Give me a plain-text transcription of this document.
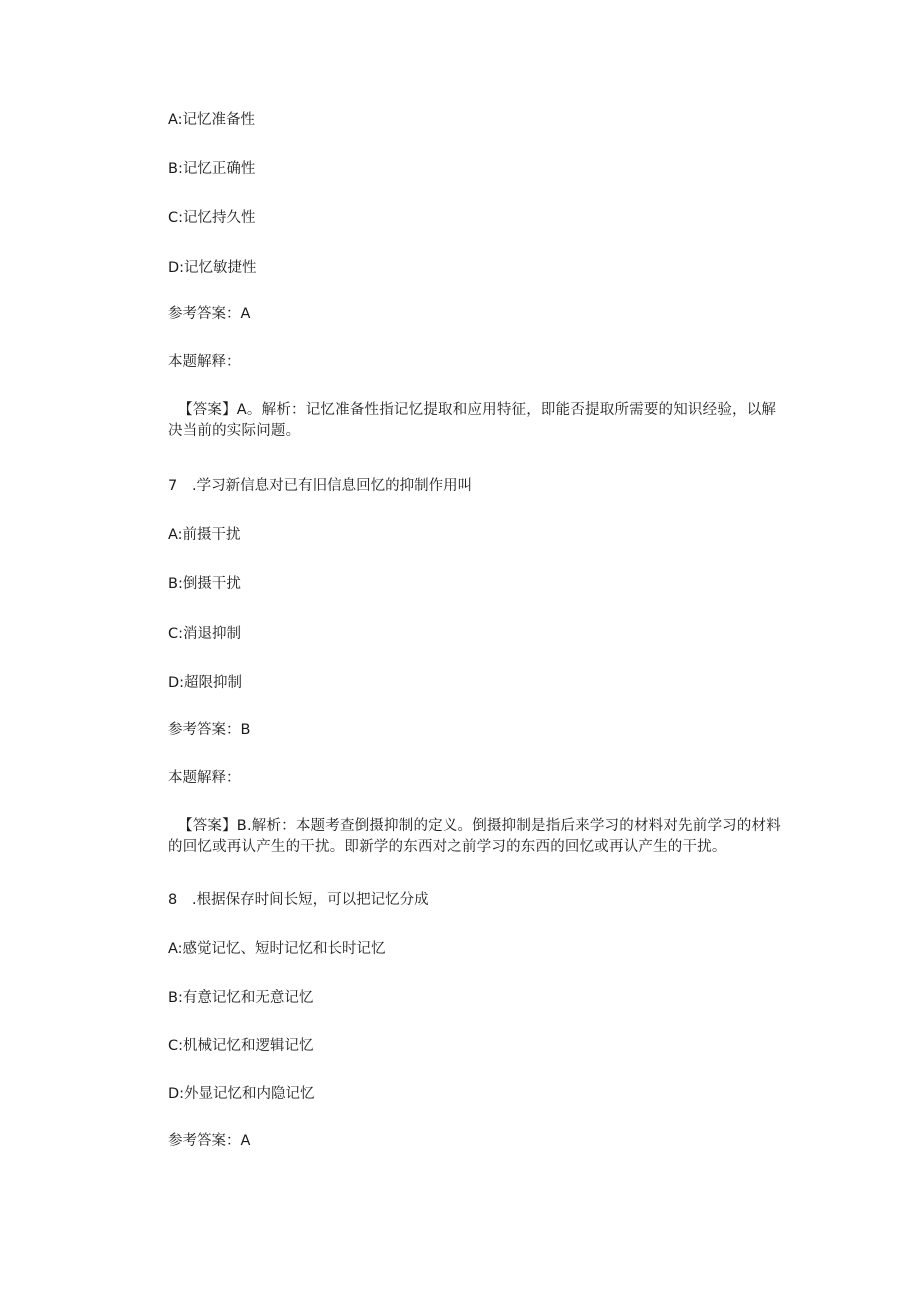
A:记忆准备性
B:记忆正确性
C:记忆持久性
D:记忆敏捷性
参考答案：A
本题解释：
【答案】A。解析：记忆准备性指记忆提取和应用特征，即能否提取所需要的知识经验，以解决当前的实际问题。
7 .学习新信息对已有旧信息回忆的抑制作用叫
A:前摄干扰
B:倒摄干扰
C:消退抑制
D:超限抑制
参考答案：B
本题解释：
【答案】B.解析：本题考查倒摄抑制的定义。倒摄抑制是指后来学习的材料对先前学习的材料的回忆或再认产生的干扰。即新学的东西对之前学习的东西的回忆或再认产生的干扰。
8 .根据保存时间长短，可以把记忆分成
A:感觉记忆、短时记忆和长时记忆
B:有意记忆和无意记忆
C:机械记忆和逻辑记忆
D:外显记忆和内隐记忆
参考答案：A
